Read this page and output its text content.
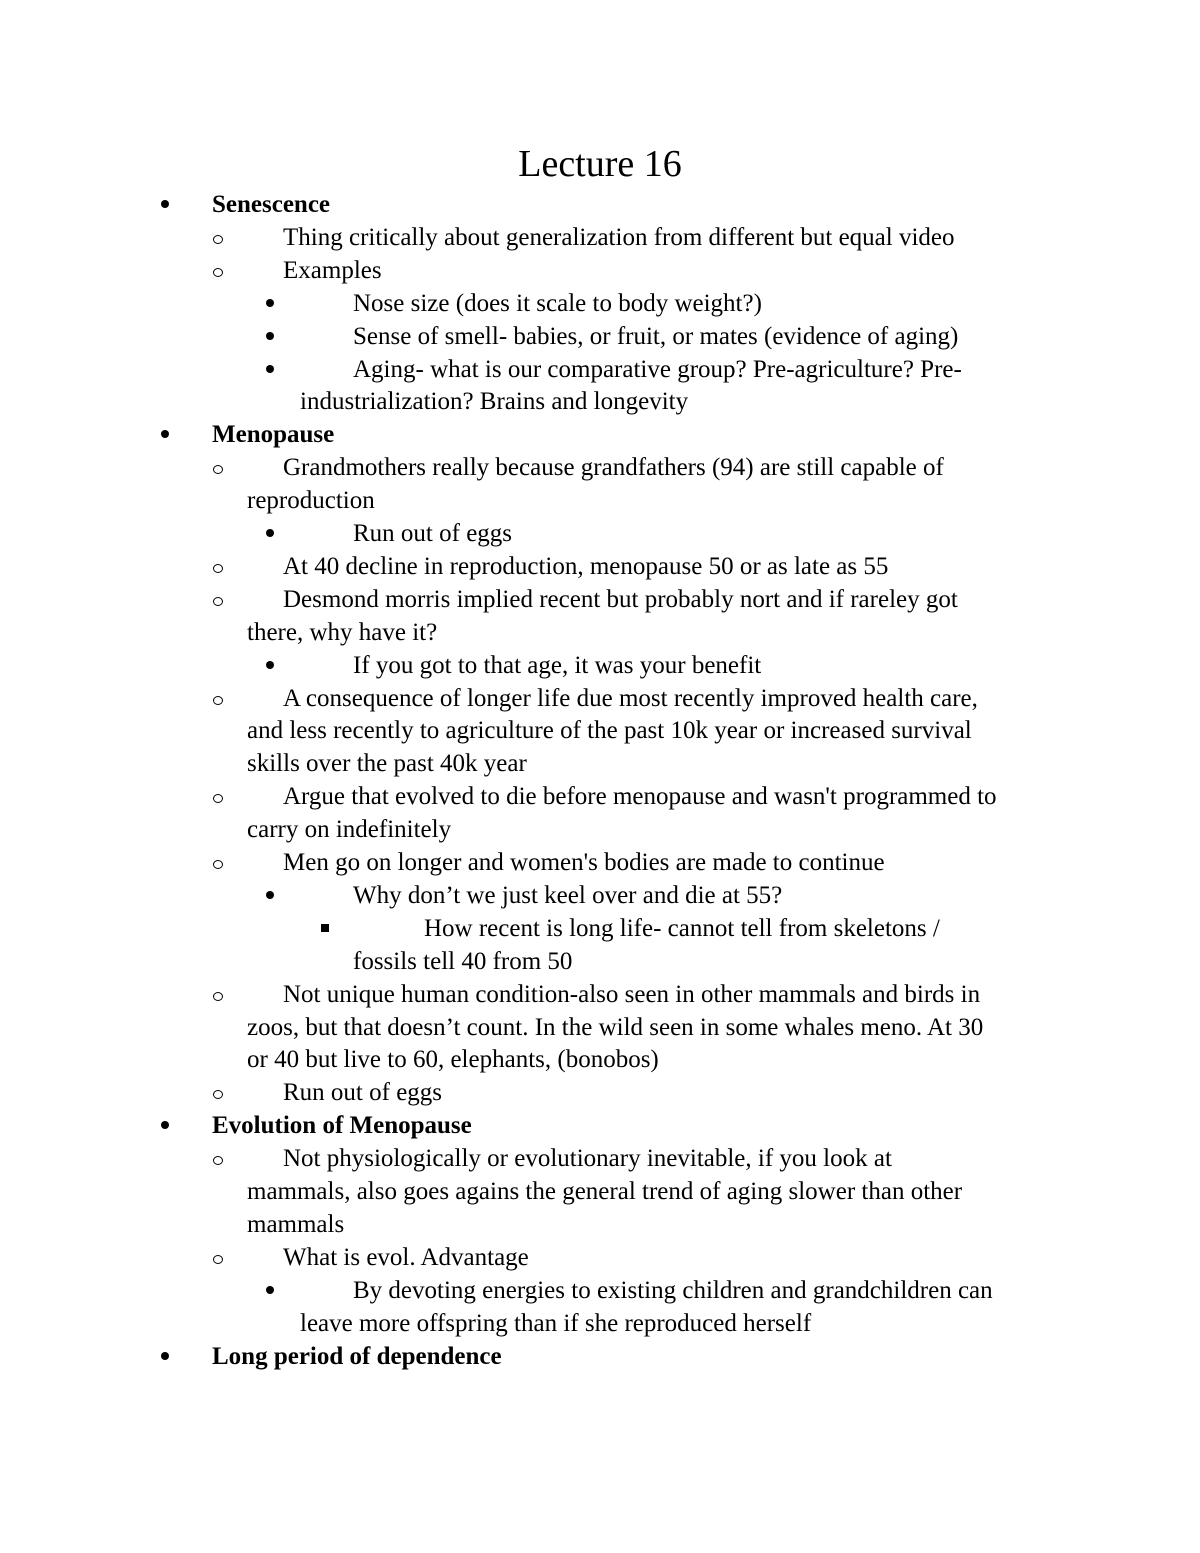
Lecture 16
Senescence
Thing critically about generalization from different but equal video
Examples
Nose size (does it scale to body weight?)
Sense of smell- babies, or fruit, or mates (evidence of aging)
Aging- what is our comparative group? Pre-agriculture? Pre-
industrialization? Brains and longevity
Menopause
Grandmothers really because grandfathers (94) are still capable of
reproduction
Run out of eggs
At 40 decline in reproduction, menopause 50 or as late as 55
Desmond morris implied recent but probably nort and if rareley got
there, why have it?
If you got to that age, it was your benefit
A consequence of longer life due most recently improved health care,
and less recently to agriculture of the past 10k year or increased survival
skills over the past 40k year
Argue that evolved to die before menopause and wasn't programmed to
carry on indefinitely
Men go on longer and women's bodies are made to continue
Why don’t we just keel over and die at 55?
How recent is long life- cannot tell from skeletons /
fossils tell 40 from 50
Not unique human condition-also seen in other mammals and birds in
zoos, but that doesn’t count. In the wild seen in some whales meno. At 30
or 40 but live to 60, elephants, (bonobos)
Run out of eggs
Evolution of Menopause
Not physiologically or evolutionary inevitable, if you look at
mammals, also goes agains the general trend of aging slower than other
mammals
What is evol. Advantage
By devoting energies to existing children and grandchildren can
leave more offspring than if she reproduced herself
Long period of dependence
